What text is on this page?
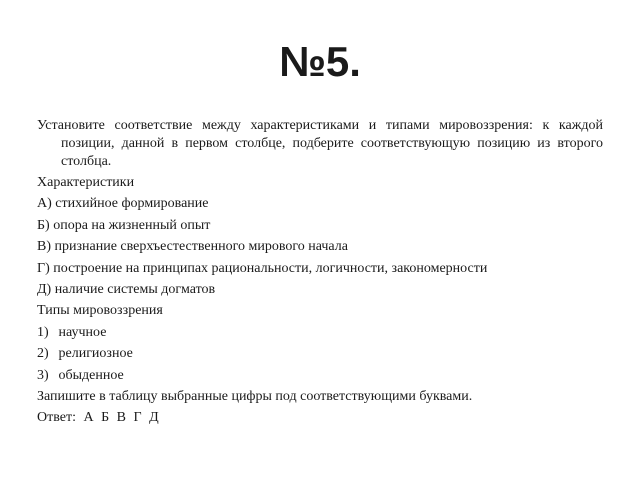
№5.

Установите соответствие между характеристиками и типами мировоззрения: к каждой позиции, данной в первом столбце, подберите соответствующую позицию из второго столбца.

Характеристики
А) стихийное формирование
Б) опора на жизненный опыт
В) признание сверхъестественного мирового начала
Г) построение на принципах рациональности, логичности, закономерности
Д) наличие системы догматов
Типы мировоззрения
1) научное
2) религиозное
3) обыденное
Запишите в таблицу выбранные цифры под соответствующими буквами.
Ответ: А Б В Г Д
